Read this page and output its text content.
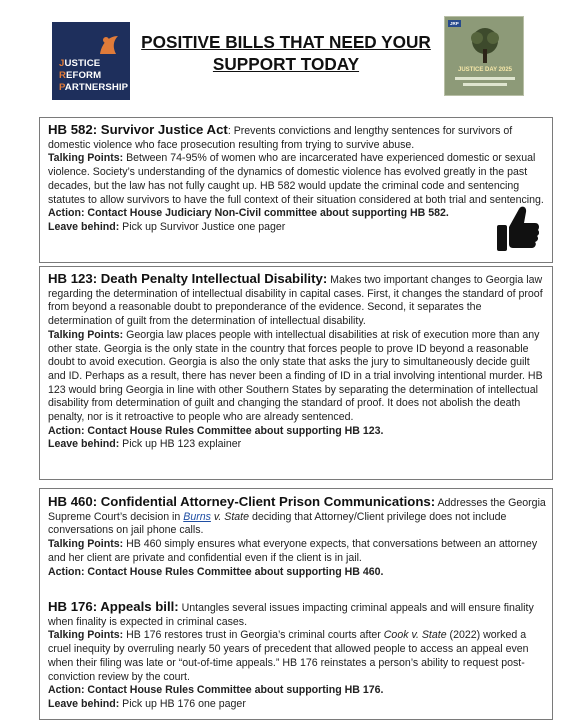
JUSTICE
REFORM
PARTNERSHIP
POSITIVE BILLS THAT NEED YOUR
SUPPORT TODAY
JRP
JUSTICE DAY 2025

HB 582: Survivor Justice Act: Prevents convictions and lengthy sentences for survivors of domestic violence who face prosecution resulting from trying to survive abuse.

Talking Points: Between 74-95% of women who are incarcerated have experienced domestic or sexual violence. Society’s understanding of the dynamics of domestic violence has evolved greatly in the past decades, but the law has not fully caught up. HB 582 would update the criminal code and sentencing statutes to allow survivors to have the full context of their situation considered at both trial and sentencing.

Action: Contact House Judiciary Non-Civil committee about supporting HB 582.

Leave behind: Pick up Survivor Justice one pager

HB 123: Death Penalty Intellectual Disability: Makes two important changes to Georgia law regarding the determination of intellectual disability in capital cases. First, it changes the standard of proof from beyond a reasonable doubt to preponderance of the evidence. Second, it separates the determination of guilt from the determination of intellectual disability.

Talking Points: Georgia law places people with intellectual disabilities at risk of execution more than any other state. Georgia is the only state in the country that forces people to prove ID beyond a reasonable doubt to avoid execution. Georgia is also the only state that asks the jury to simultaneously decide guilt and ID. Perhaps as a result, there has never been a finding of ID in a trial involving intentional murder. HB 123 would bring Georgia in line with other Southern States by separating the determination of intellectual disability from determination of guilt and changing the standard of proof. It does not abolish the death penalty, nor is it retroactive to people who are already sentenced.

Action: Contact House Rules Committee about supporting HB 123.

Leave behind: Pick up HB 123 explainer

HB 460: Confidential Attorney-Client Prison Communications: Addresses the Georgia Supreme Court’s decision in Burns v. State deciding that Attorney/Client privilege does not include conversations on jail phone calls.

Talking Points: HB 460 simply ensures what everyone expects, that conversations between an attorney and her client are private and confidential even if the client is in jail.

Action: Contact House Rules Committee about supporting HB 460.

HB 176: Appeals bill: Untangles several issues impacting criminal appeals and will ensure finality when finality is expected in criminal cases.

Talking Points: HB 176 restores trust in Georgia’s criminal courts after Cook v. State (2022) worked a cruel inequity by overruling nearly 50 years of precedent that allowed people to access an appeal even when their filing was late or “out-of-time appeals.” HB 176 reinstates a person’s ability to request post-conviction review by the court.

Action: Contact House Rules Committee about supporting HB 176.

Leave behind: Pick up HB 176 one pager
